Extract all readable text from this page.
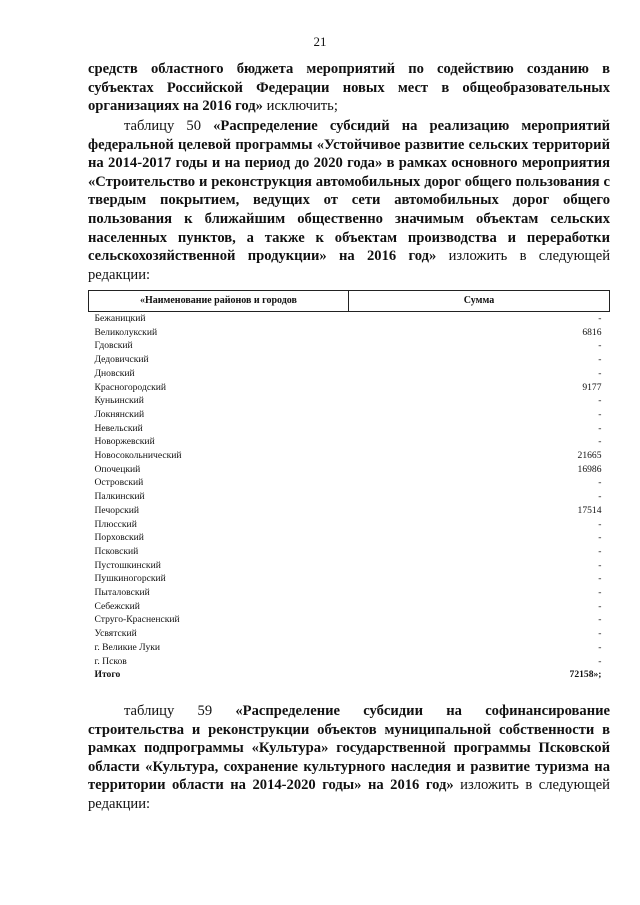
21
средств областного бюджета мероприятий по содействию созданию в субъектах Российской Федерации новых мест в общеобразовательных организациях на 2016 год» исключить;
таблицу 50 «Распределение субсидий на реализацию мероприятий федеральной целевой программы «Устойчивое развитие сельских территорий на 2014-2017 годы и на период до 2020 года» в рамках основного мероприятия «Строительство и реконструкция автомобильных дорог общего пользования с твердым покрытием, ведущих от сети автомобильных дорог общего пользования к ближайшим общественно значимым объектам сельских населенных пунктов, а также к объектам производства и переработки сельскохозяйственной продукции» на 2016 год» изложить в следующей редакции:
«Наименование районов и городов	Сумма
Бежаницкий	-
Великолукский	6816
Гдовский	-
Дедовичский	-
Дновский	-
Красногородский	9177
Куньинский	-
Локнянский	-
Невельский	-
Новоржевский	-
Новосокольнический	21665
Опочецкий	16986
Островский	-
Палкинский	-
Печорский	17514
Плюсский	-
Порховский	-
Псковский	-
Пустошкинский	-
Пушкиногорский	-
Пыталовский	-
Себежский	-
Струго-Красненский	-
Усвятский	-
г. Великие Луки	-
г. Псков	-
Итого	72158»;
таблицу 59 «Распределение субсидии на софинансирование строительства и реконструкции объектов муниципальной собственности в рамках подпрограммы «Культура» государственной программы Псковской области «Культура, сохранение культурного наследия и развитие туризма на территории области на 2014-2020 годы» на 2016 год» изложить в следующей редакции:
